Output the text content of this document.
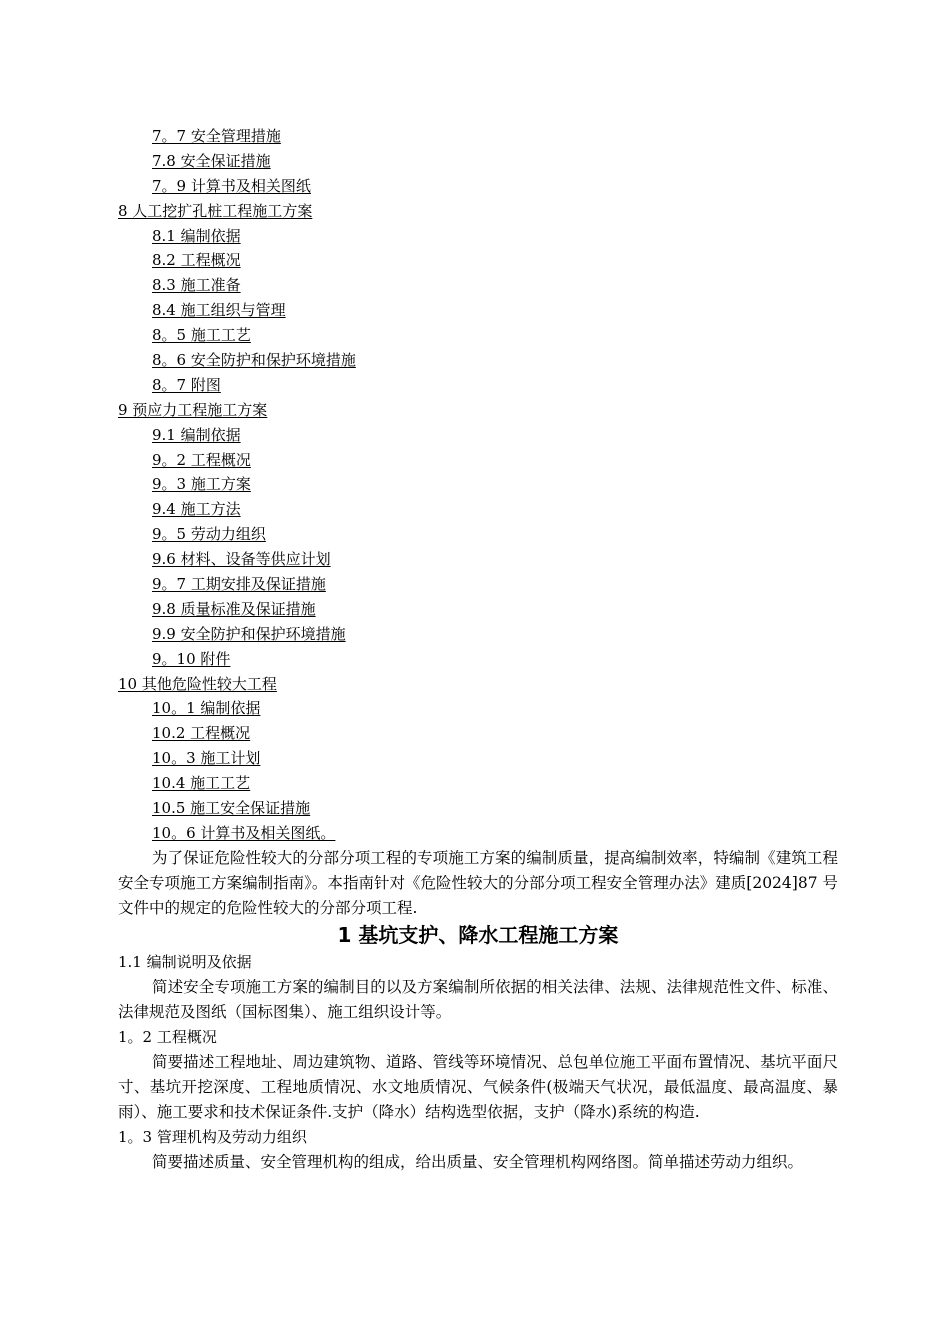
7。7 安全管理措施
7.8 安全保证措施
7。9 计算书及相关图纸
8 人工挖扩孔桩工程施工方案
8.1 编制依据
8.2 工程概况
8.3 施工准备
8.4 施工组织与管理
8。5 施工工艺
8。6 安全防护和保护环境措施
8。7 附图
9 预应力工程施工方案
9.1 编制依据
9。2 工程概况
9。3 施工方案
9.4 施工方法
9。5 劳动力组织
9.6 材料、设备等供应计划
9。7 工期安排及保证措施
9.8 质量标准及保证措施
9.9 安全防护和保护环境措施
9。10 附件
10 其他危险性较大工程
10。1 编制依据
10.2 工程概况
10。3 施工计划
10.4 施工工艺
10.5 施工安全保证措施
10。6 计算书及相关图纸。

为了保证危险性较大的分部分项工程的专项施工方案的编制质量，提高编制效率，特编制《建筑工程安全专项施工方案编制指南》。本指南针对《危险性较大的分部分项工程安全管理办法》建质[2024]87 号文件中的规定的危险性较大的分部分项工程.

1 基坑支护、降水工程施工方案

1.1 编制说明及依据

简述安全专项施工方案的编制目的以及方案编制所依据的相关法律、法规、法律规范性文件、标准、法律规范及图纸（国标图集）、施工组织设计等。

1。2 工程概况

简要描述工程地址、周边建筑物、道路、管线等环境情况、总包单位施工平面布置情况、基坑平面尺寸、基坑开挖深度、工程地质情况、水文地质情况、气候条件(极端天气状况，最低温度、最高温度、暴雨）、施工要求和技术保证条件.支护（降水）结构选型依据，支护（降水)系统的构造.

1。3 管理机构及劳动力组织

简要描述质量、安全管理机构的组成，给出质量、安全管理机构网络图。简单描述劳动力组织。
